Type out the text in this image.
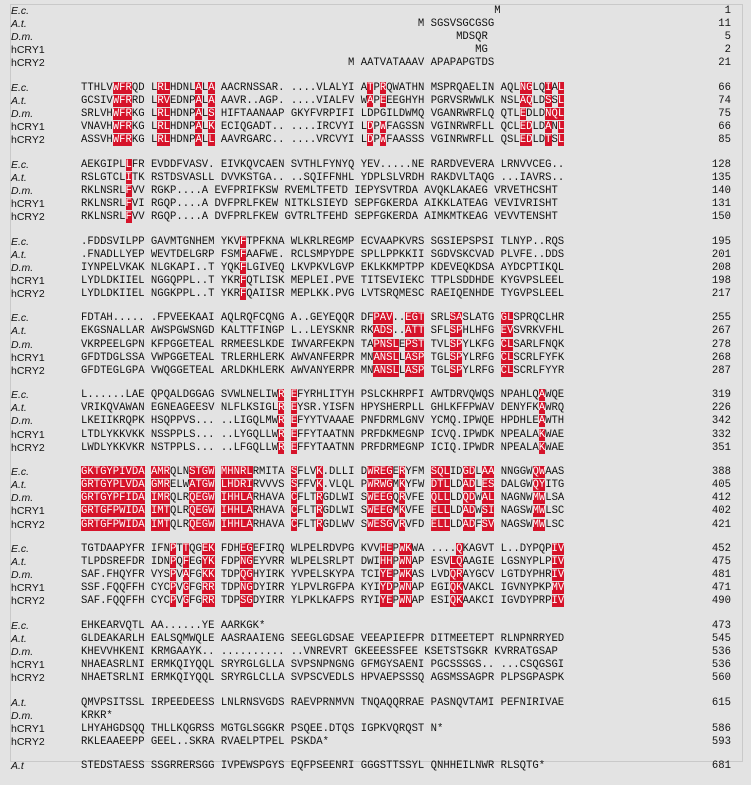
E.c.	M	1
A.t.	M SGSVSGCGSG	11
D.m.	MDSQR	5
hCRY1	MG	2
hCRY2	M AATVATAAAV APAPAPGTDS	21
E.c.	TTHLVWFRQD LRLHDNLALA AACRNSSAR. ....VLALYI ATPRQWATHN MSPRQAELIN AQLNGLQIAL	66
A.t.	GCSIVWFRRD LRVEDNPALA AAVR..AGP. ....VIALFV WAPEEEGHYH PGRVSRWWLK NSLAQLDSSL	74
D.m.	SRLVHWFRKG LRLHDNPALS HIFTAANAAP GKYFVRPIFI LDPGILDWMQ VGANRWRFLQ QTLEDLDNQL	75
hCRY1	VNAVHWFRKG LRLHDNPALK ECIQGADT.. ....IRCVYI LDPWFAGSSN VGINRWRFLL QCLEDLDANL	66
hCRY2	ASSVHWFRKG LRLHDNPALL AAVRGARC.. ....VRCVYI LDPWFAASSS VGINRWRFLL QSLEDLDTSL	85
E.c.	AEKGIPLLFR EVDDFVASV. EIVKQVCAEN SVTHLFYNYQ YEV.....NE RARDVEVERA LRNVVCEG..	128
A.t.	RSLGTCLITK RSTDSVASLL DVVKSTGA.. ..SQIFFNHL YDPLSLVRDH RAKDVLTAQG ...IAVRS..	135
D.m.	RKLNSRLFVV RGKP....A EVFPRIFKSW RVEMLTFETD IEPYSVTRDA AVQKLAKAEG VRVETHCSHT	140
hCRY1	RKLNSRLFVI RGQP....A DVFPRLFKEW NITKLSIEYD SEPFGKERDA AIKKLATEAG VEVIVRISHT	131
hCRY2	RKLNSRLFVV RGQP....A DVFPRLFKEW GVTRLTFEHD SEPFGKERDA AIMKMTKEAG VEVVTENSHT	150
E.c.	.FDDSVILPP GAVMTGNHEM YKVFTPFKNA WLKRLREGMP ECVAAPKVRS SGSIEPSPSI TLNYP..RQS	195
A.t.	.FNADLLYEP WEVTDELGRP FSMFAAFWE. RCLSMPYDPE SPLLPPKKII SGDVSKCVAD PLVFE..DDS	201
D.m.	IYNPELVKAK NLGKAPI..T YQKFLGIVEQ LKVPKVLGVP EKLKKMPTPP KDEVEQKDSA AYDCPTIKQL	208
hCRY1	LYDLDKIIEL NGGQPPL..T YKRFQTLISK MEPLEI.PVE TITSEVIEKC TTPLSDDHDE KYGVPSLEEL	198
hCRY2	LYDLDKIIEL NGGKPPL..T YKRFQAIISR MEPLKK.PVG LVTSRQMESC RAEIQENHDE TYGVPSLEEL	217
E.c.	FDTAH..... .FPVEEKAAI AQLRQFCQNG A..GEYEQQR DFPAV..EGT SRLSASLATG GLSPRQCLHR	255
A.t.	EKGSNALLAR AWSPGWSNGD KALTTFINGP L..LEYSKNR RKADS..ATT SFLSPHLHFG EVSVRKVFHL	267
D.m.	VKRPEELGPN KFPGGETEAL RRMEESLKDE IWVARFEKPN TAPNSLEPST TVLSPYLKFG CLSARLFNQK	278
hCRY1	GFDTDGLSSA VWPGGETEAL TRLERHLERK AWVANFERPR MNANSLLASP TGLSPYLRFG CLSCRLFYFK	268
hCRY2	GFDTEGLGPA VWQGGETEAL ARLDKHLERK AWVANYERPR MNANSLLASP TGLSPYLRFG CLSCRLFYYR	287
E.c.	L......LAE QPQALDGGAG SVWLNELIWR EFYRHLITYH PSLCKHRPFI AWTDRVQWQS NPAHLQAWQE	319
A.t.	VRIKQVAWAN EGNEAGEESV NLFLKSIGLR EYSR.YISFN HPYSHERPLL GHLKFFPWAV DENYFKAWRQ	226
D.m.	LKEIIKRQPK HSQPPVS... ..LIGQLMWR EFYYTVAAAE PNFDRMLGNV YCMQ.IPWQE HPDHLEAWTH	342
hCRY1	LTDLYKKVKK NSSPPLS... ..LYGQLLWR EFFYTAATNN PRFDKMEGNP ICVQ.IPWDK NPEALAKWAE	332
hCRY2	LWDLYKKVKR NSTPPLS... ..LFGQLLWR EFFYTAATNN PRFDRMEGNP ICIQ.IPWDR NPEALAKWAE	351
E.c.	GKTGYPIVDA AMRQLNSTGW MHNRLRMITA SFLVK.DLLI DWREGERYFM SQLIDGDLAA NNGGWQWAAS	388
A.t.	GRTGYPLVDA GMRELWATGW LHDRIRVVVS SFFVK.VLQL PWRWGMKYFW DTLLDADLES DALGWQYITG	405
D.m.	GRTGYPFIDA IMRQLRQEGW IHHLARHAVA CFLTRGDLWI SWEEGQRVFE QLLLDQDWAL NAGNWMWLSA	412
hCRY1	GRTGFPWIDA IMTQLRQEGW IHHLARHAVA CFLTRGDLWI SWEEGMKVFE ELLLDADWSI NAGSWMWLSC	402
hCRY2	GRTGFPWIDA IMTQLRQEGW IHHLARHAVA CFLTRGDLWV SWESGVRVFD ELLLDADFSV NAGSWMWLSC	421
E.c.	TGTDAAPYFR IFNPTTQGEK FDHEGEFIRQ WLPELRDVPG KVVHEPWKWA ....QKAGVT L..DYPQPIV	452
A.t.	TLPDSREFDR IDNPQFEGYK FDPNGEYVRR WLPELSRLPT DWIHHPWNAP ESVLQAAGIE LGSNYPLPIV	475
D.m.	SAF.FHQYFR VYSPVAFGKK TDPQGHYIRK YVPELSKYPA TCIYEPWKAS LVDQRAYGCV LGTDYPHRIV	481
hCRY1	SSF.FQQFFH CYCPVGFGRR TDPNGDYIRR YLPVLRGFPA KYIYDPWNAP EGIQKVAKCL IGVNYPKPMV	471
hCRY2	SAF.FQQFFH CYCPVGFGRR TDPSGDYIRR YLPKLKAFPS RYIYEPWNAP ESIQKAAKCI IGVDYPRPIV	490
E.c.	EHKEARVQTL AA......YE AARKGK*	473
A.t.	GLDEAKARLH EALSQMWQLE AASRAAIENG SEEGLGDSAE VEEAPIEFPR DITMEETEPT RLNPNRRYED	545
D.m.	KHEVVHKENI KRMGAAYK.. .......... ..VNREVRT GKEEESSFEE KSETSTSGKR KVRRATGSAP	536
hCRY1	NHAEASRLNI ERMKQIYQQL SRYRGLGLLA SVPSNPNGNG GFMGYSAENI PGCSSSGS.. ...CSQGSGI	536
hCRY2	NHAETSRLNI ERMKQIYQQL SRYRGLCLLA SVPSCVEDLS HPVAEPSSSQ AGSMSSAGPR PLPSGPASPK	560
A.t.	QMVPSITSSL IRPEEDEESS LNLRNSVGDS RAEVPRNMVN TNQAQQRRAE PASNQVTAMI PEFNIRIVAE	615
D.m.	KRKR*
hCRY1	LHYAHGDSQQ THLLKQGRSS MGTGLSGGKR PSQEE.DTQS IGPKVQRQST N*	586
hCRY2	RKLEAAEEPP GEEL..SKRA RVAELPTPEL PSKDA*	593
A.t	STEDSTAESS SSGRRERSGG IVPEWSPGYS EQFPSEENRI GGGSTTSSYL QNHHEILNWR RLSQTG*	681
